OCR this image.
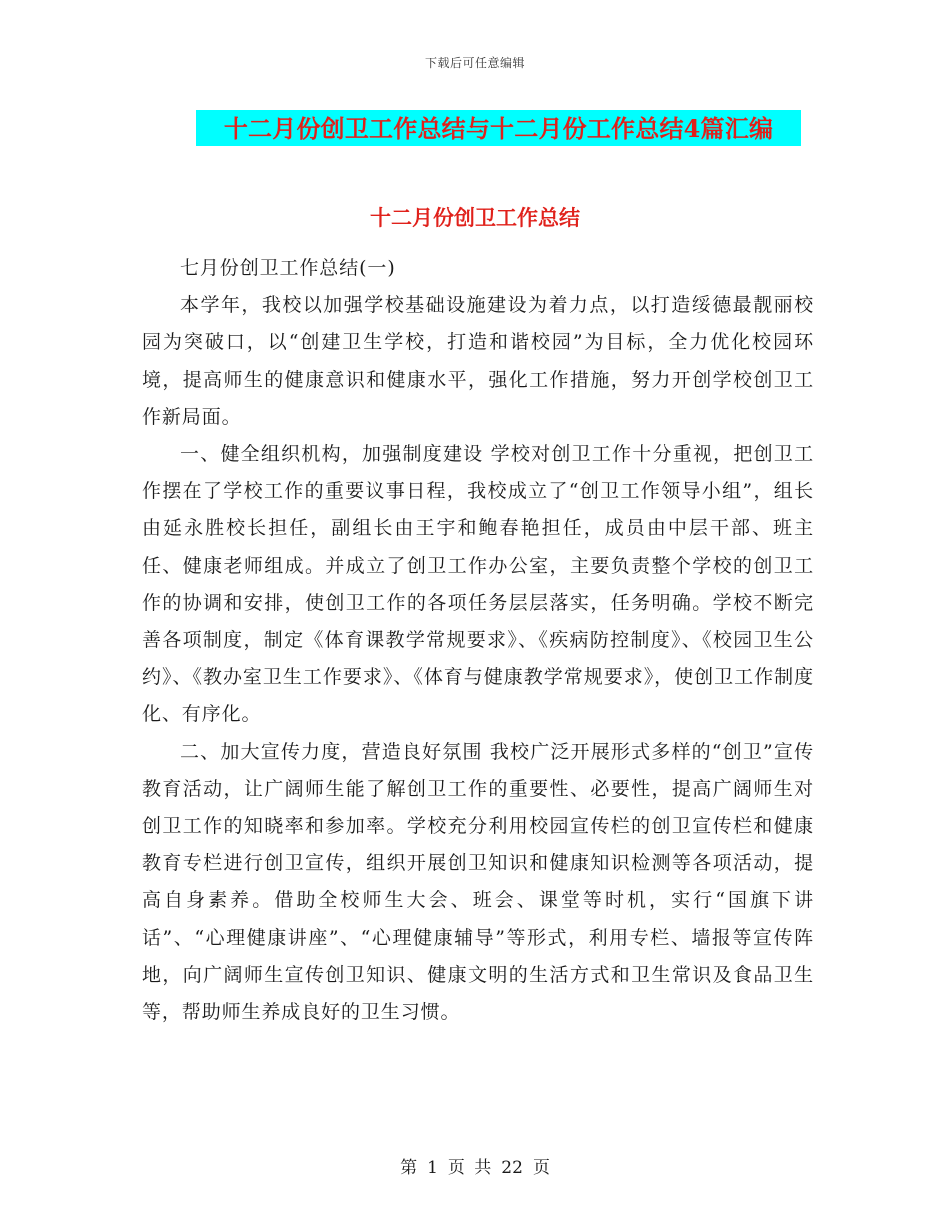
下载后可任意编辑
十二月份创卫工作总结与十二月份工作总结4篇汇编
十二月份创卫工作总结

七月份创卫工作总结(一)

本学年，我校以加强学校基础设施建设为着力点，以打造绥德最靓丽校园为突破口，以“创建卫生学校，打造和谐校园”为目标，全力优化校园环境，提高师生的健康意识和健康水平，强化工作措施，努力开创学校创卫工作新局面。

一、健全组织机构，加强制度建设 学校对创卫工作十分重视，把创卫工作摆在了学校工作的重要议事日程，我校成立了“创卫工作领导小组”，组长由延永胜校长担任，副组长由王宇和鲍春艳担任，成员由中层干部、班主任、健康老师组成。并成立了创卫工作办公室，主要负责整个学校的创卫工作的协调和安排，使创卫工作的各项任务层层落实，任务明确。学校不断完善各项制度，制定《体育课教学常规要求》、《疾病防控制度》、《校园卫生公约》、《教办室卫生工作要求》、《体育与健康教学常规要求》，使创卫工作制度化、有序化。

二、加大宣传力度，营造良好氛围 我校广泛开展形式多样的“创卫”宣传教育活动，让广阔师生能了解创卫工作的重要性、必要性，提高广阔师生对创卫工作的知晓率和参加率。学校充分利用校园宣传栏的创卫宣传栏和健康教育专栏进行创卫宣传，组织开展创卫知识和健康知识检测等各项活动，提高自身素养。借助全校师生大会、班会、课堂等时机，实行“国旗下讲话”、“心理健康讲座”、“心理健康辅导”等形式，利用专栏、墙报等宣传阵地，向广阔师生宣传创卫知识、健康文明的生活方式和卫生常识及食品卫生等，帮助师生养成良好的卫生习惯。

第 1 页 共 22 页
